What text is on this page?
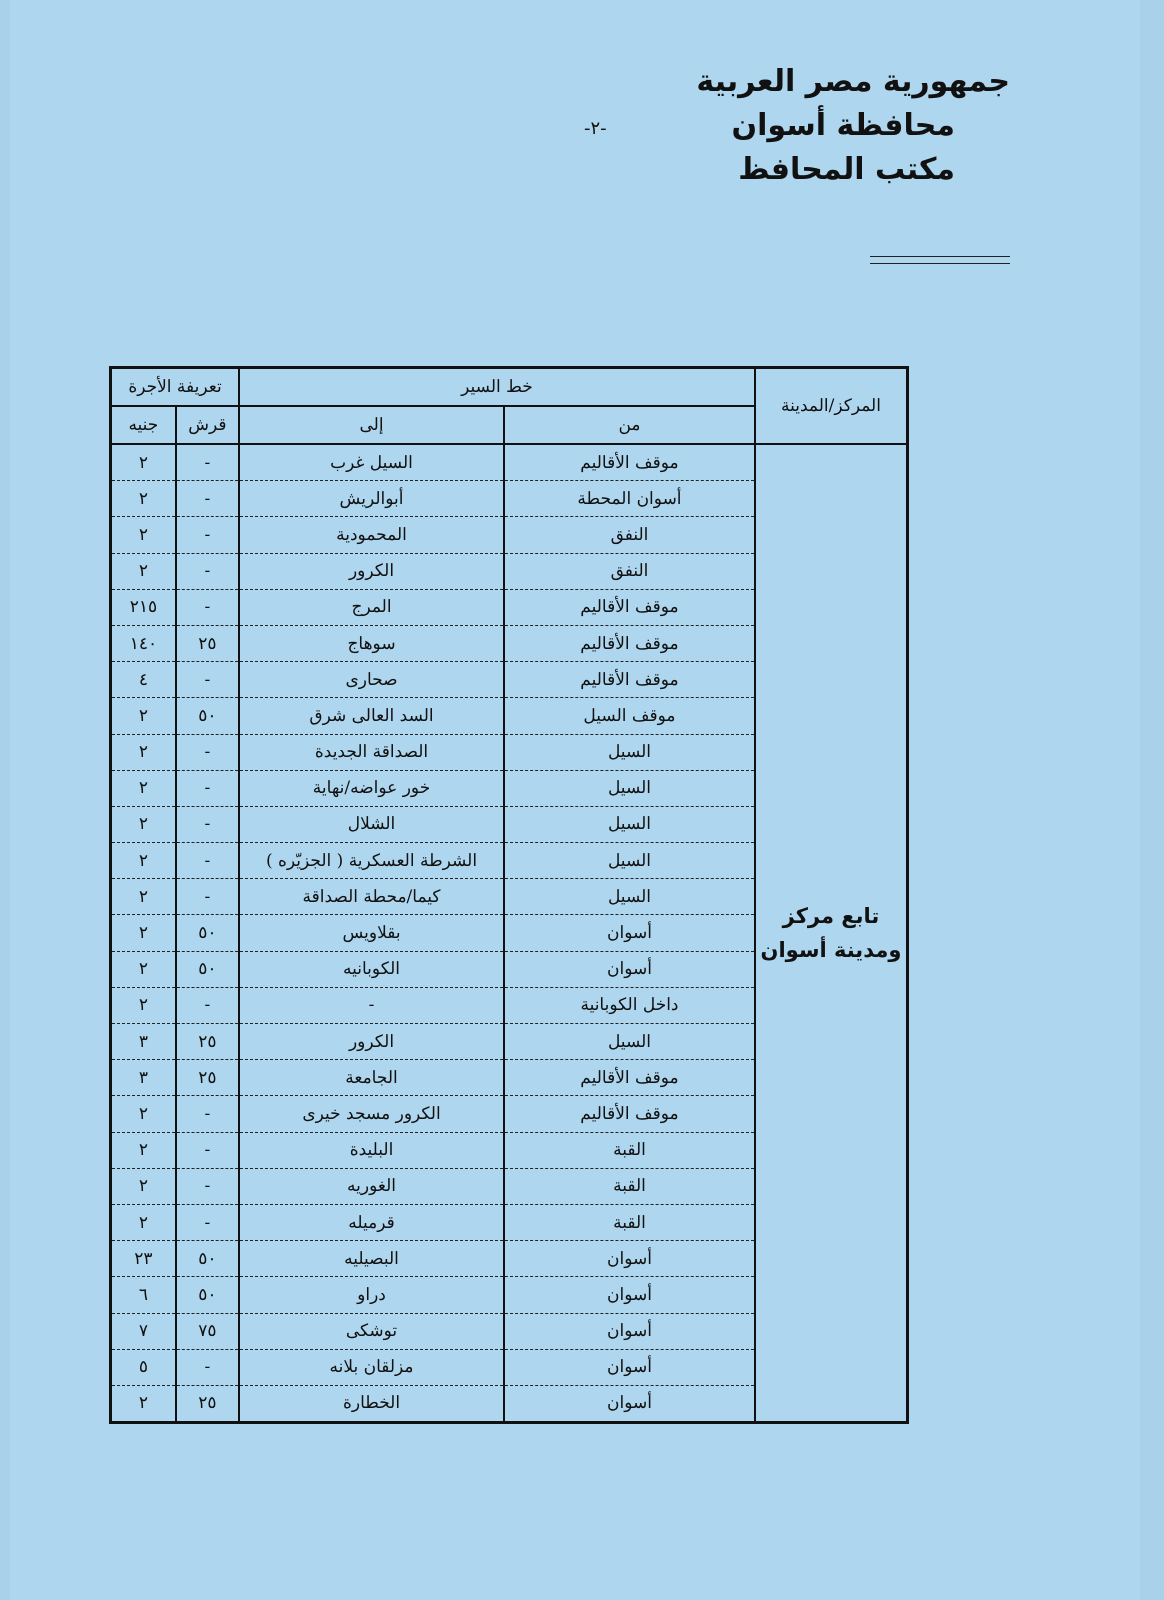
جمهورية مصر العربية
محافظة أسوان
مكتب المحافظ
-٢-
المركز/المدينة	خط السير		تعريفة الأجرة	
	من	إلى	قرش	جنيه
تابع مركز ومدينة أسوان	موقف الأقاليم	السيل غرب	-	٢
	أسوان المحطة	أبوالريش	-	٢
	النفق	المحمودية	-	٢
	النفق	الكرور	-	٢
	موقف الأقاليم	المرج	-	٢١٥
	موقف الأقاليم	سوهاج	٢٥	١٤٠
	موقف الأقاليم	صحارى	-	٤
	موقف السيل	السد العالى شرق	٥٠	٢
	السيل	الصداقة الجديدة	-	٢
	السيل	خور عواضه/نهاية	-	٢
	السيل	الشلال	-	٢
	السيل	الشرطة العسكرية ( الجزيّره )	-	٢
	السيل	كيما/محطة الصداقة	-	٢
	أسوان	بقلاويس	٥٠	٢
	أسوان	الكوبانيه	٥٠	٢
	داخل الكوبانية	-	-	٢
	السيل	الكرور	٢٥	٣
	موقف الأقاليم	الجامعة	٢٥	٣
	موقف الأقاليم	الكرور مسجد خيرى	-	٢
	القبة	البليدة	-	٢
	القبة	الغوريه	-	٢
	القبة	قرميله	-	٢
	أسوان	البصيليه	٥٠	٢٣
	أسوان	دراو	٥٠	٦
	أسوان	توشكى	٧٥	٧
	أسوان	مزلقان بلانه	-	٥
	أسوان	الخطارة	٢٥	٢
